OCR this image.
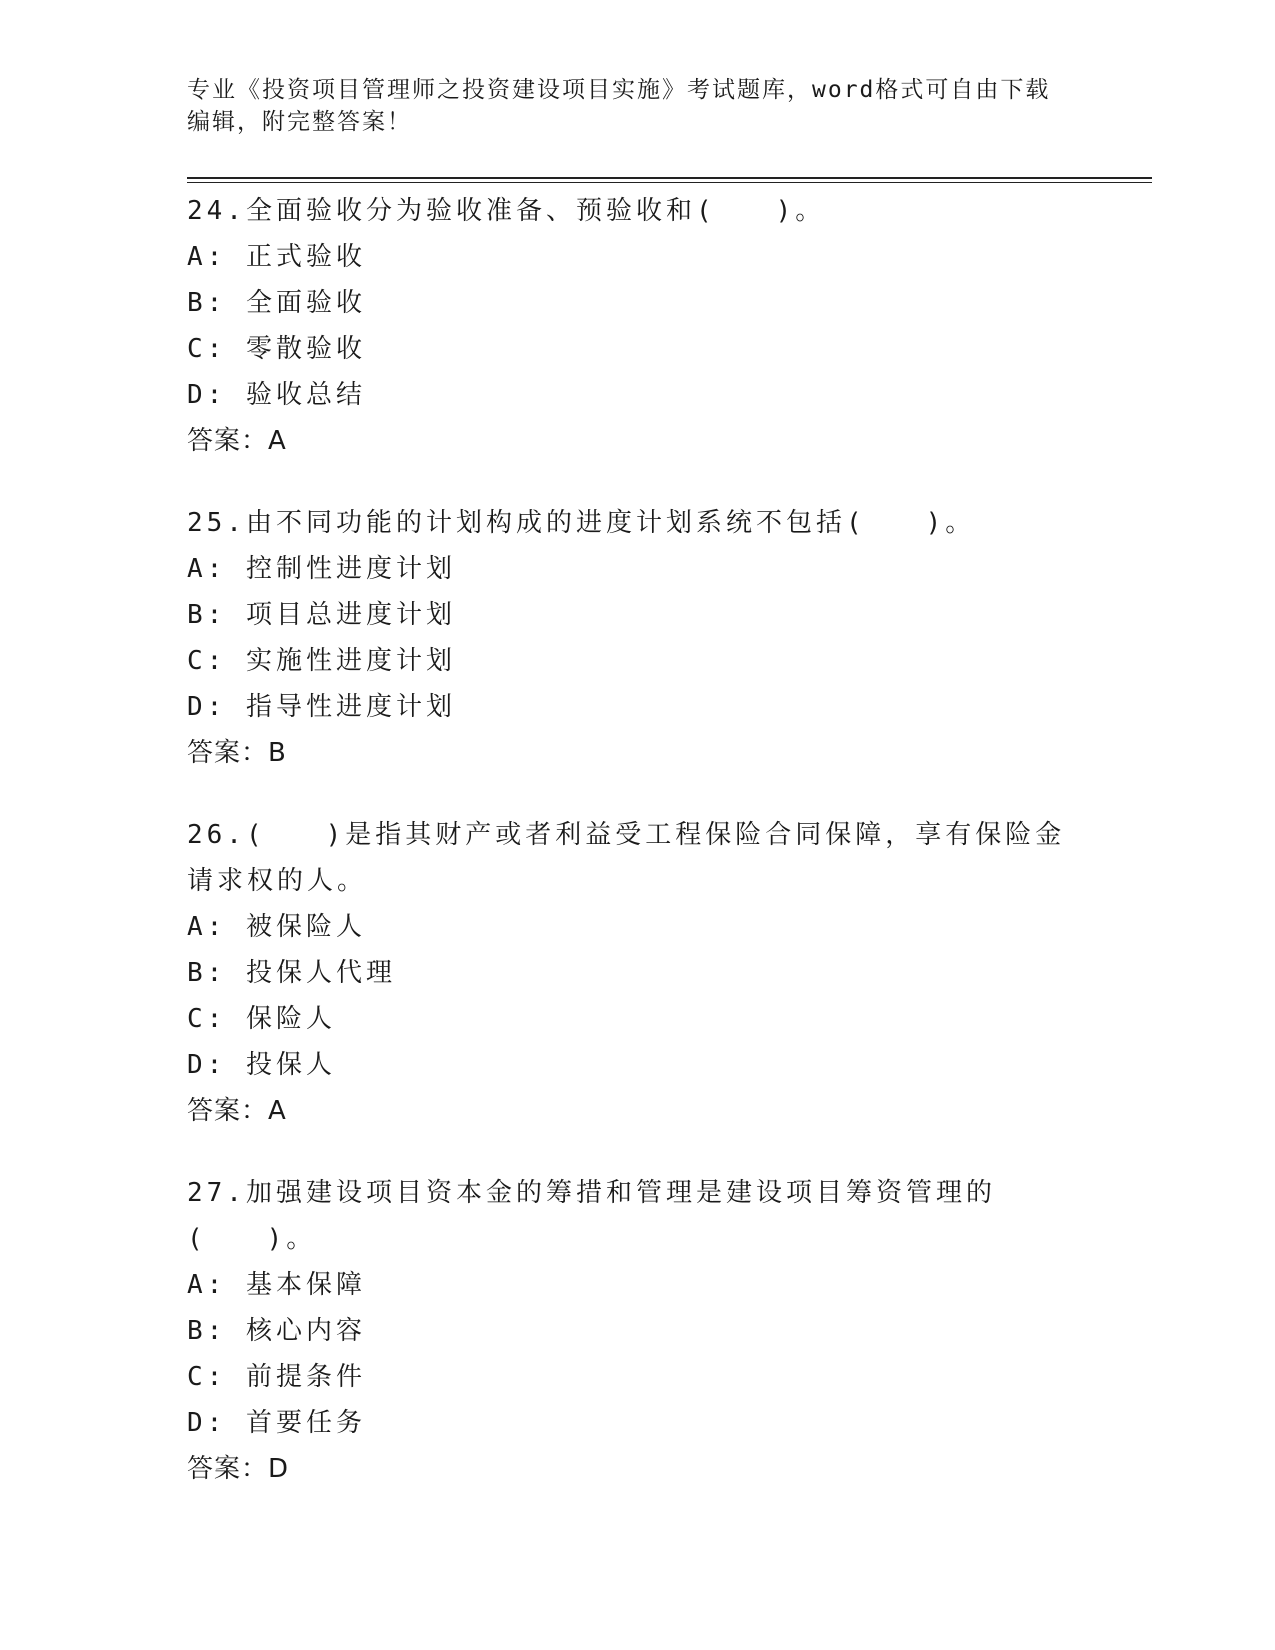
专业《投资项目管理师之投资建设项目实施》考试题库，word格式可自由下载编辑，附完整答案！
24.全面验收分为验收准备、预验收和(　　)。
A: 正式验收
B: 全面验收
C: 零散验收
D: 验收总结
答案：A
25.由不同功能的计划构成的进度计划系统不包括(　　)。
A: 控制性进度计划
B: 项目总进度计划
C: 实施性进度计划
D: 指导性进度计划
答案：B
26.(　　)是指其财产或者利益受工程保险合同保障，享有保险金请求权的人。
A: 被保险人
B: 投保人代理
C: 保险人
D: 投保人
答案：A
27.加强建设项目资本金的筹措和管理是建设项目筹资管理的(　　)。
A: 基本保障
B: 核心内容
C: 前提条件
D: 首要任务
答案：D
